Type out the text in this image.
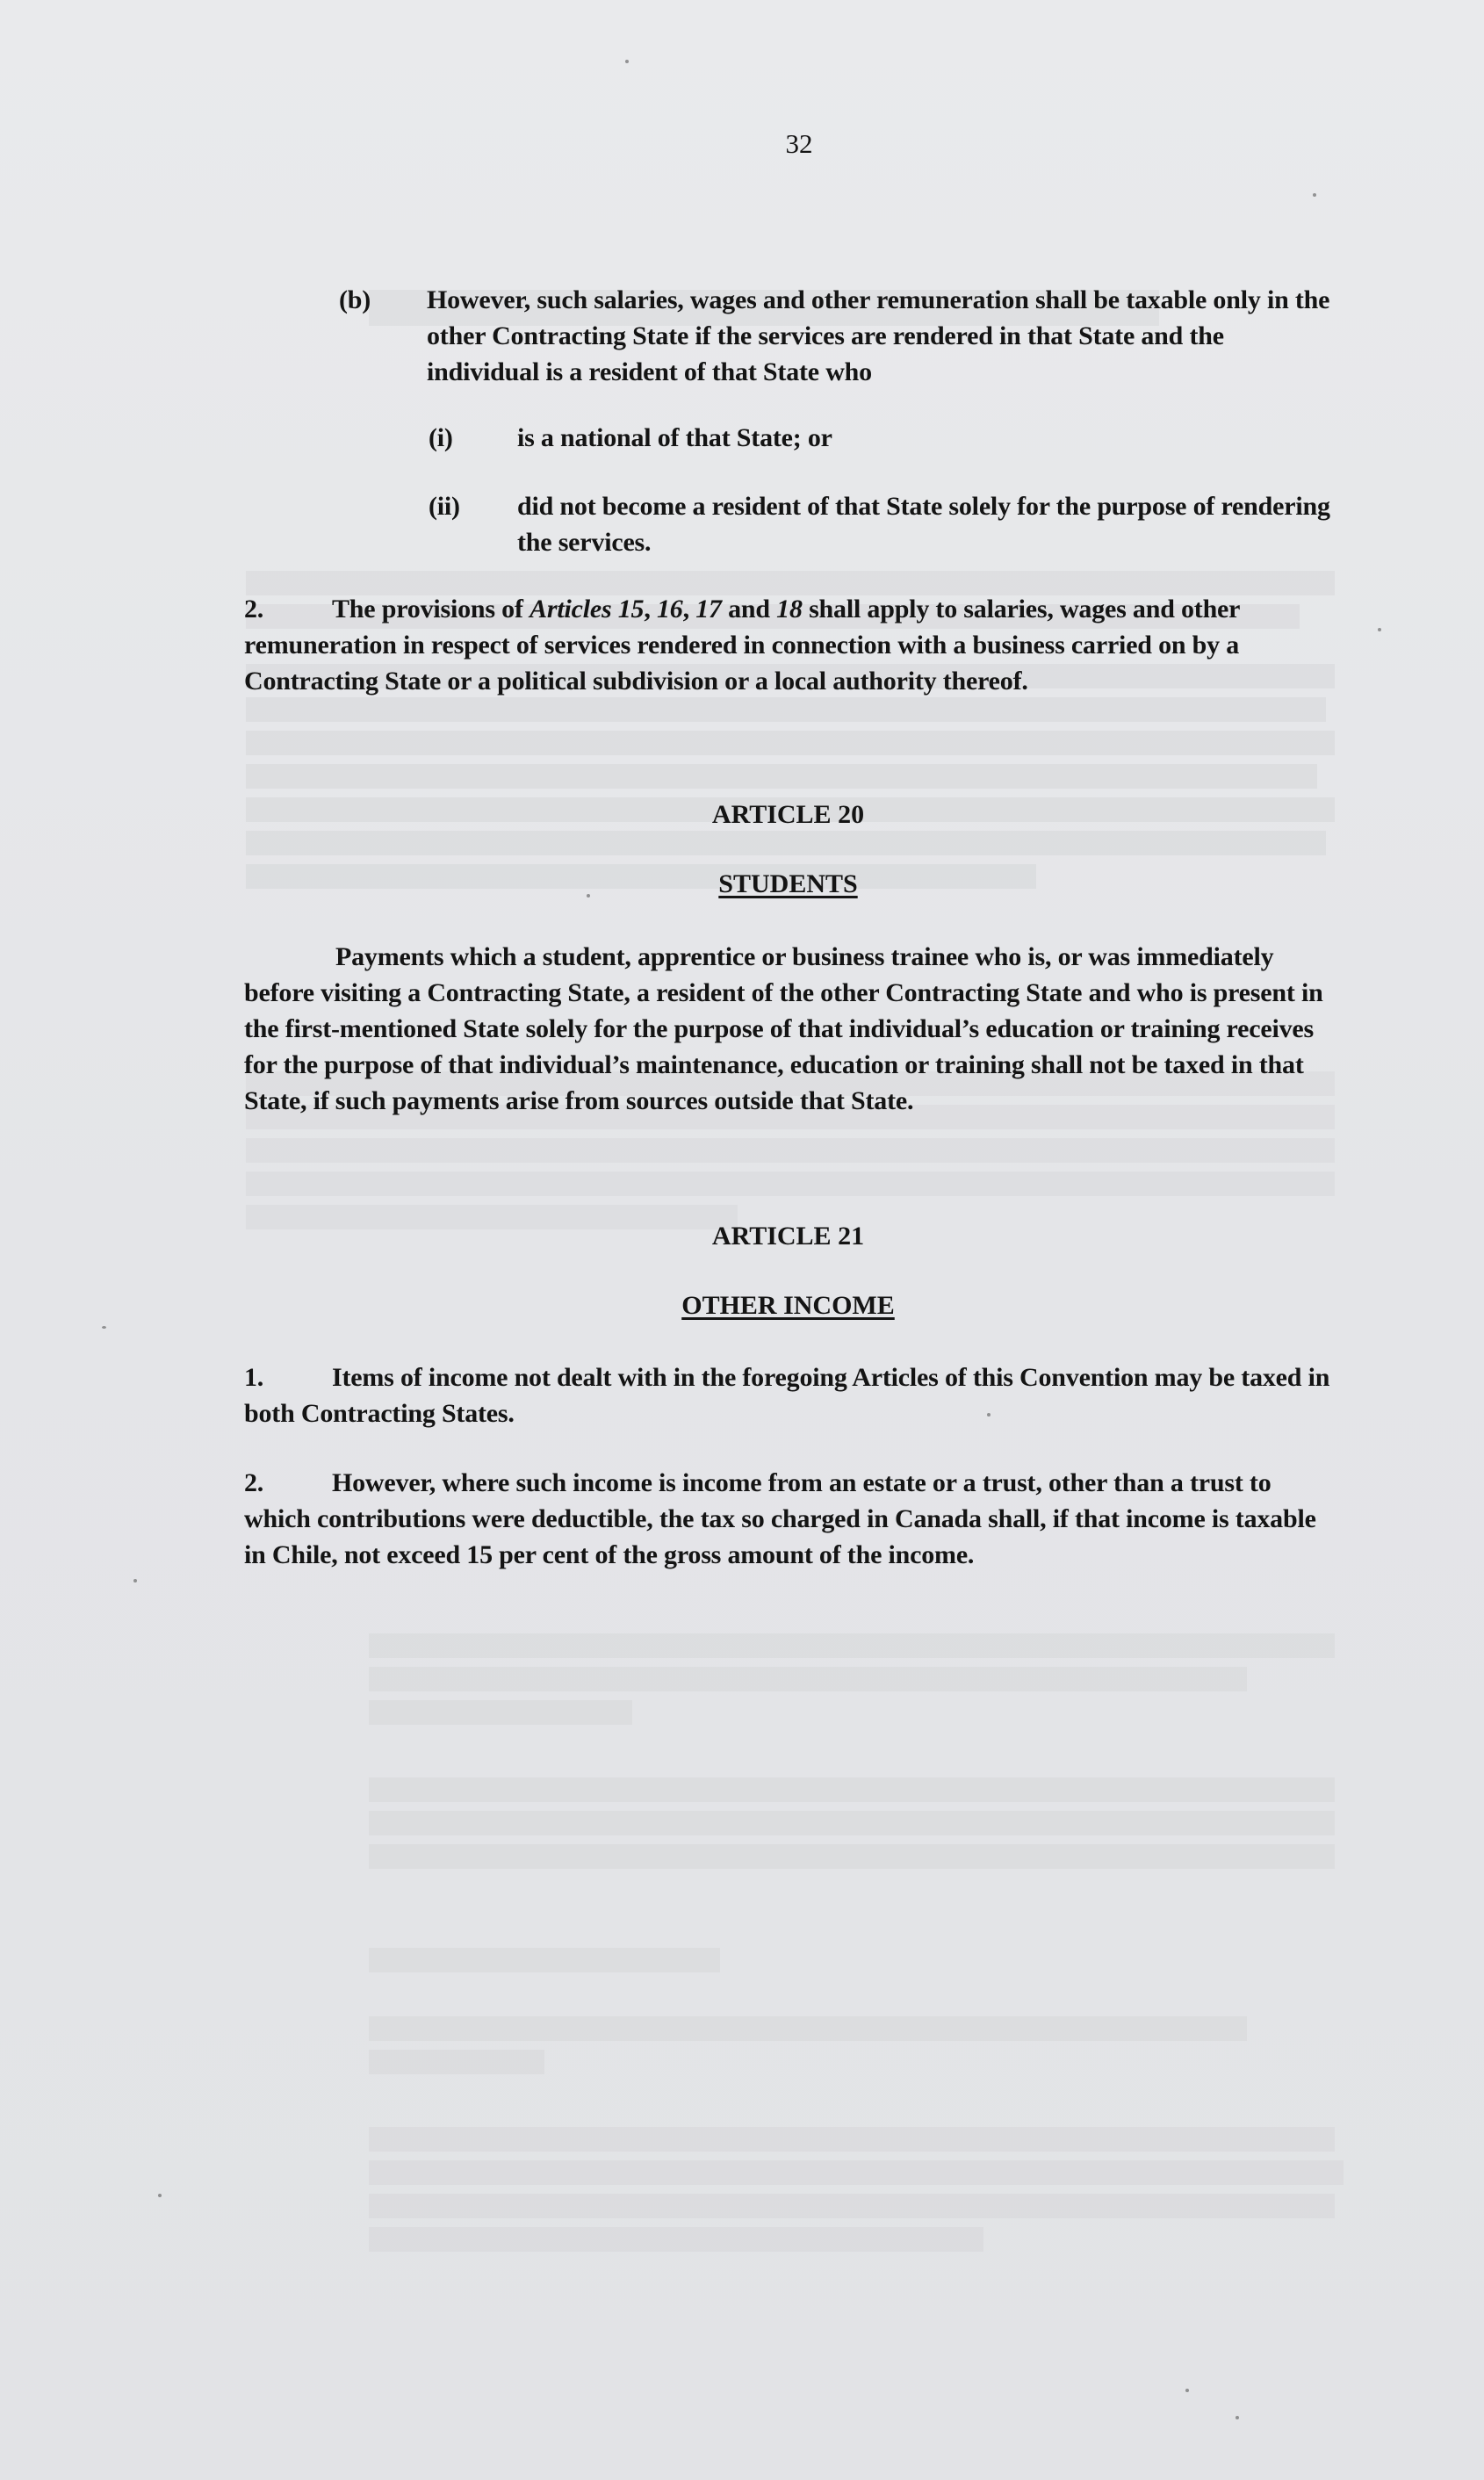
32
(b) However, such salaries, wages and other remuneration shall be taxable only in the other Contracting State if the services are rendered in that State and the individual is a resident of that State who
(i) is a national of that State; or
(ii) did not become a resident of that State solely for the purpose of rendering the services.
2.	The provisions of Articles 15, 16, 17 and 18 shall apply to salaries, wages and other remuneration in respect of services rendered in connection with a business carried on by a Contracting State or a political subdivision or a local authority thereof.
ARTICLE 20
STUDENTS
Payments which a student, apprentice or business trainee who is, or was immediately before visiting a Contracting State, a resident of the other Contracting State and who is present in the first-mentioned State solely for the purpose of that individual’s education or training receives for the purpose of that individual’s maintenance, education or training shall not be taxed in that State, if such payments arise from sources outside that State.
ARTICLE 21
OTHER INCOME
1.	Items of income not dealt with in the foregoing Articles of this Convention may be taxed in both Contracting States.
2.	However, where such income is income from an estate or a trust, other than a trust to which contributions were deductible, the tax so charged in Canada shall, if that income is taxable in Chile, not exceed 15 per cent of the gross amount of the income.
